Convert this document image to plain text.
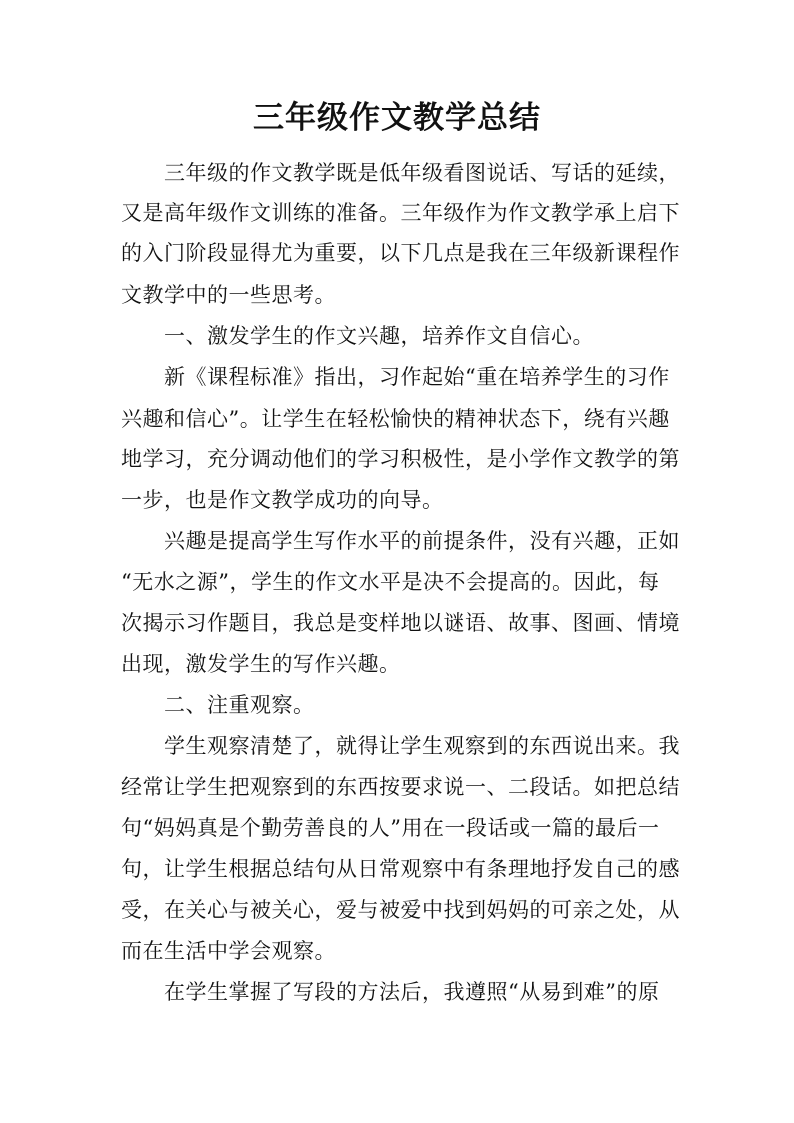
三年级作文教学总结
三年级的作文教学既是低年级看图说话、写话的延续，
又是高年级作文训练的准备。三年级作为作文教学承上启下
的入门阶段显得尤为重要，以下几点是我在三年级新课程作
文教学中的一些思考。
一、激发学生的作文兴趣，培养作文自信心。
新《课程标准》指出，习作起始“重在培养学生的习作
兴趣和信心”。让学生在轻松愉快的精神状态下，绕有兴趣
地学习，充分调动他们的学习积极性，是小学作文教学的第
一步，也是作文教学成功的向导。
兴趣是提高学生写作水平的前提条件，没有兴趣，正如
“无水之源”，学生的作文水平是决不会提高的。因此，每
次揭示习作题目，我总是变样地以谜语、故事、图画、情境
出现，激发学生的写作兴趣。
二、注重观察。
学生观察清楚了，就得让学生观察到的东西说出来。我
经常让学生把观察到的东西按要求说一、二段话。如把总结
句“妈妈真是个勤劳善良的人”用在一段话或一篇的最后一
句，让学生根据总结句从日常观察中有条理地抒发自己的感
受，在关心与被关心，爱与被爱中找到妈妈的可亲之处，从
而在生活中学会观察。
在学生掌握了写段的方法后，我遵照“从易到难”的原
